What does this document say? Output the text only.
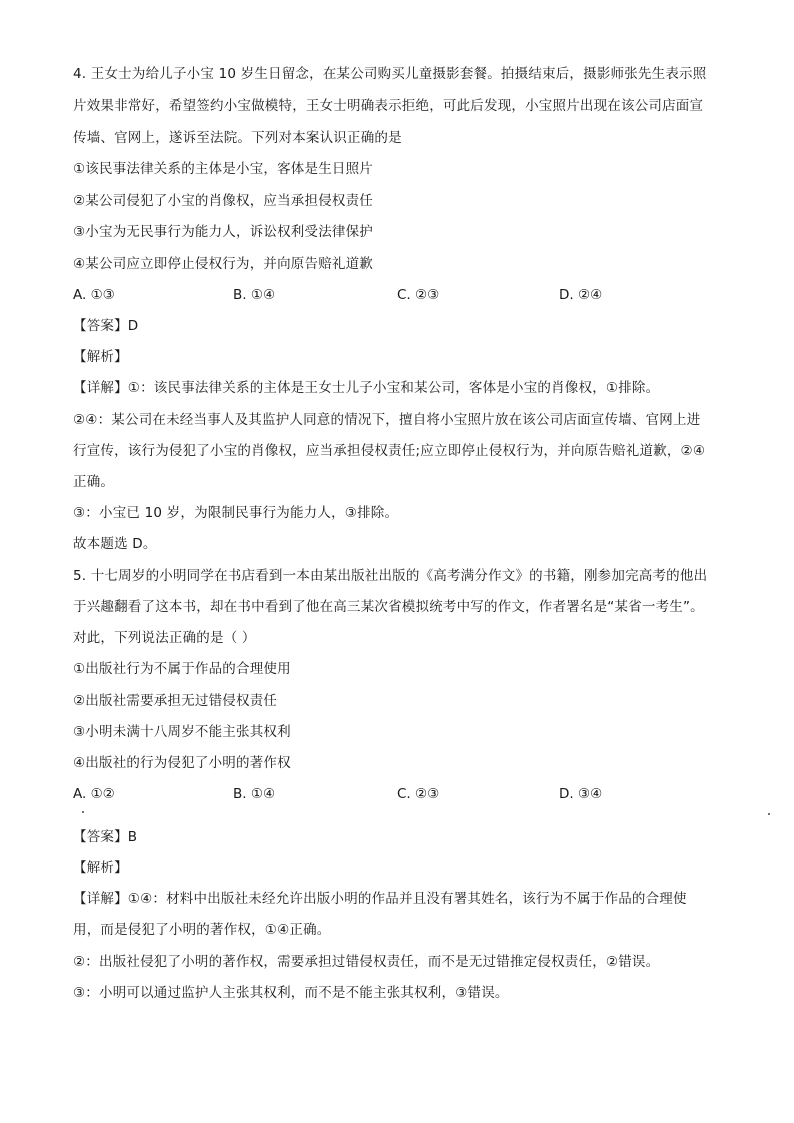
4. 王女士为给儿子小宝 10 岁生日留念，在某公司购买儿童摄影套餐。拍摄结束后，摄影师张先生表示照
片效果非常好，希望签约小宝做模特，王女士明确表示拒绝，可此后发现，小宝照片出现在该公司店面宣
传墙、官网上，遂诉至法院。下列对本案认识正确的是
①该民事法律关系的主体是小宝，客体是生日照片
②某公司侵犯了小宝的肖像权，应当承担侵权责任
③小宝为无民事行为能力人，诉讼权利受法律保护
④某公司应立即停止侵权行为，并向原告赔礼道歉
A. ①③	B. ①④	C. ②③	D. ②④
【答案】D
【解析】
【详解】①：该民事法律关系的主体是王女士儿子小宝和某公司，客体是小宝的肖像权，①排除。
②④：某公司在未经当事人及其监护人同意的情况下，擅自将小宝照片放在该公司店面宣传墙、官网上进
行宣传，该行为侵犯了小宝的肖像权，应当承担侵权责任;应立即停止侵权行为，并向原告赔礼道歉，②④
正确。
③：小宝已 10 岁，为限制民事行为能力人，③排除。
故本题选 D。
5. 十七周岁的小明同学在书店看到一本由某出版社出版的《高考满分作文》的书籍，刚参加完高考的他出
于兴趣翻看了这本书，却在书中看到了他在高三某次省模拟统考中写的作文，作者署名是“某省一考生”。
对此，下列说法正确的是（ ）
①出版社行为不属于作品的合理使用
②出版社需要承担无过错侵权责任
③小明未满十八周岁不能主张其权利
④出版社的行为侵犯了小明的著作权
A. ①②	B. ①④	C. ②③	D. ③④
【答案】B
【解析】
【详解】①④：材料中出版社未经允许出版小明的作品并且没有署其姓名，该行为不属于作品的合理使
用，而是侵犯了小明的著作权，①④正确。
②：出版社侵犯了小明的著作权，需要承担过错侵权责任，而不是无过错推定侵权责任，②错误。
③：小明可以通过监护人主张其权利，而不是不能主张其权利，③错误。
